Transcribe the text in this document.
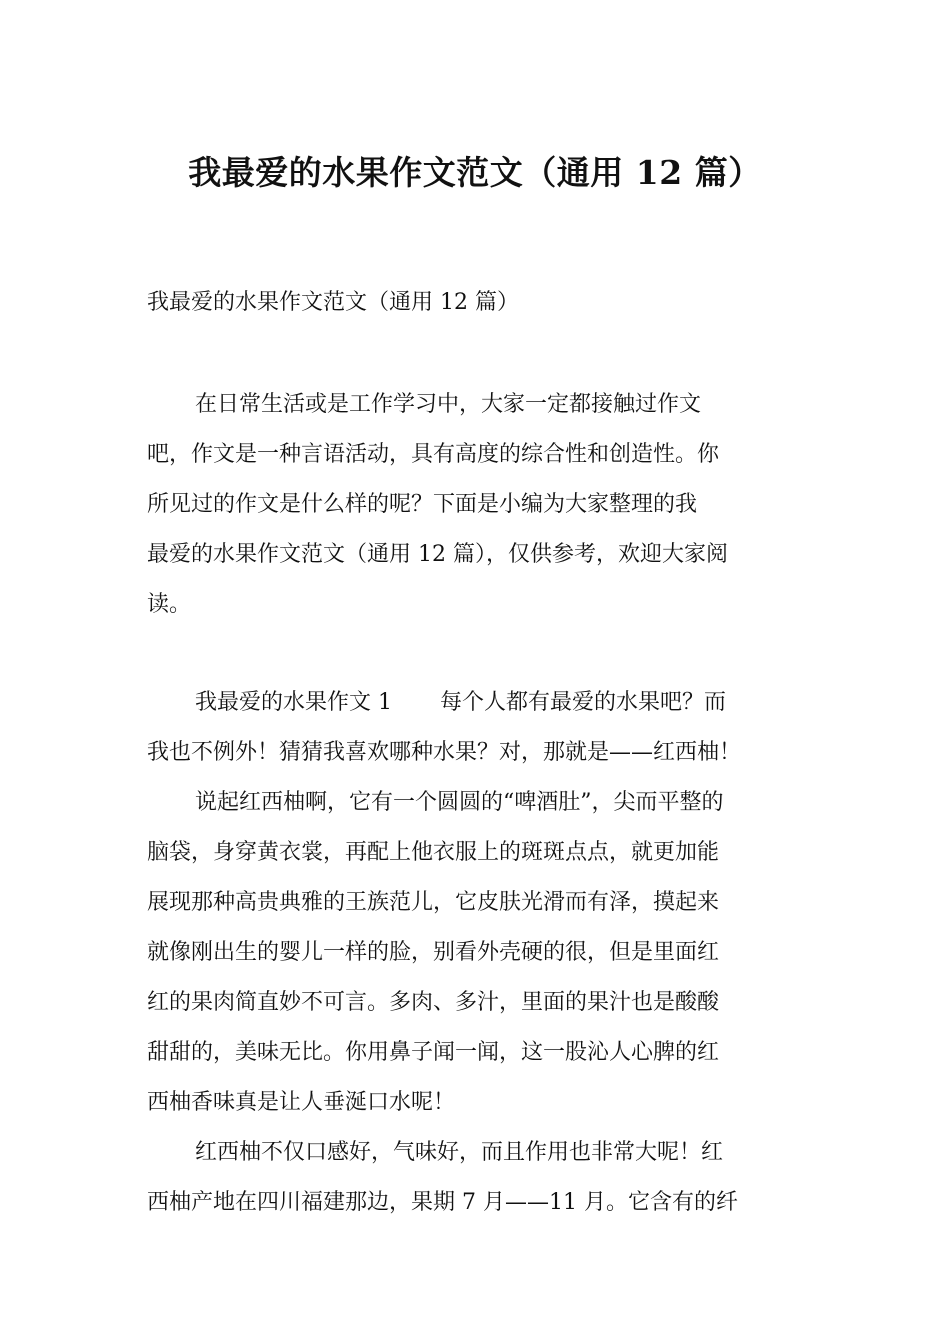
我最爱的水果作文范文（通用 12 篇）
我最爱的水果作文范文（通用 12 篇）
在日常生活或是工作学习中，大家一定都接触过作文
吧，作文是一种言语活动，具有高度的综合性和创造性。你
所见过的作文是什么样的呢？下面是小编为大家整理的我
最爱的水果作文范文（通用 12 篇），仅供参考，欢迎大家阅
读。
我最爱的水果作文 1 每个人都有最爱的水果吧？而
我也不例外！猜猜我喜欢哪种水果？对，那就是——红西柚！
说起红西柚啊，它有一个圆圆的“啤酒肚”，尖而平整的
脑袋，身穿黄衣裳，再配上他衣服上的斑斑点点，就更加能
展现那种高贵典雅的王族范儿，它皮肤光滑而有泽，摸起来
就像刚出生的婴儿一样的脸，别看外壳硬的很，但是里面红
红的果肉简直妙不可言。多肉、多汁，里面的果汁也是酸酸
甜甜的，美味无比。你用鼻子闻一闻，这一股沁人心脾的红
西柚香味真是让人垂涎口水呢！
红西柚不仅口感好，气味好，而且作用也非常大呢！红
西柚产地在四川福建那边，果期 7 月——11 月。它含有的纤
